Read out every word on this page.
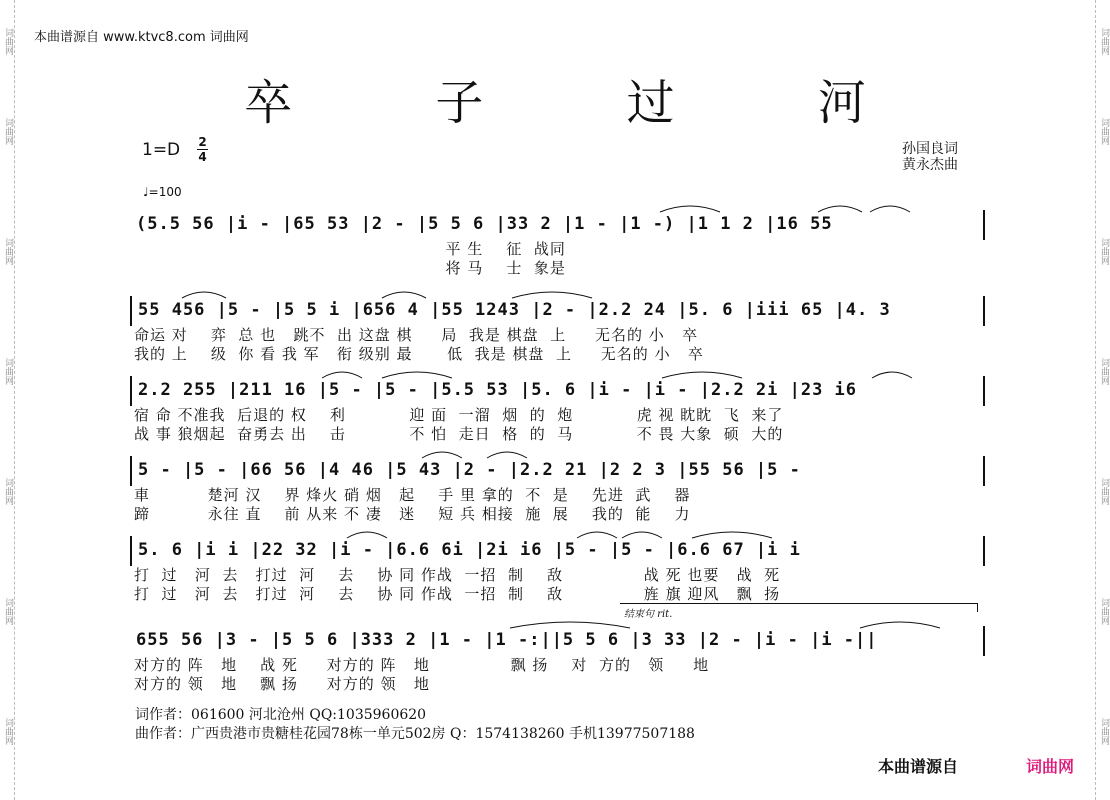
词曲网
词曲网
词曲网
词曲网
词曲网
词曲网
词曲网
词曲网
词曲网
词曲网
词曲网
词曲网
词曲网
词曲网
本曲谱源自 www.ktvc8.com 词曲网
卒 子 过 河
1=D 2
4
♩=100
孙国良词
黄永杰曲
(5.5 56 |i - |65 53 |2 - |5 5 6 |33 2 |1 - |1 -) |1 1 2 |16 55
平 生    征  战同
将 马    士  象是
55 456 |5 - |5 5 i |656 4 |55 1243 |2 - |2.2 24 |5. 6 |iii 65 |4. 3
命运 对    弈  总 也   跳不  出 这盘 棋     局  我是 棋盘  上     无名的 小   卒
我的 上    级  你 看 我 军   衔 级别 最      低  我是 棋盘  上     无名的 小   卒
2.2 255 |211 16 |5 - |5 - |5.5 53 |5. 6 |i - |i - |2.2 2i |23 i6
宿 命 不准我  后退的 权    利           迎 面  一溜  烟  的  炮           虎 视 眈眈  飞  来了
战 事 狼烟起  奋勇去 出    击           不 怕  走日  格  的  马           不 畏 大象  硕  大的
5 - |5 - |66 56 |4 46 |5 43 |2 - |2.2 21 |2 2 3 |55 56 |5 -
車          楚河 汉    界 烽火 硝 烟   起    手 里 拿的  不  是    先进  武    器
蹄          永往 直    前 从来 不 凄   迷    短 兵 相接  施  展    我的  能    力
5. 6 |i i |22 32 |i - |6.6 6i |2i i6 |5 - |5 - |6.6 67 |i i
打  过   河  去   打过  河    去    协 同 作战  一招  制    敌              战 死 也要   战  死
打  过   河  去   打过  河    去    协 同 作战  一招  制    敌              旌 旗 迎风   飘  扬
结束句 rit.
655 56 |3 - |5 5 6 |333 2 |1 - |1 -:||5 5 6 |3 33 |2 - |i - |i -||
对方的 阵   地    战 死     对方的 阵   地              飘 扬    对  方的   领     地
对方的 领   地    飘 扬     对方的 领   地
词作者：061600 河北沧州 QQ:1035960620
曲作者：广西贵港市贵糖桂花园78栋一单元502房 Q：1574138260 手机13977507188
本曲谱源自	词曲网
